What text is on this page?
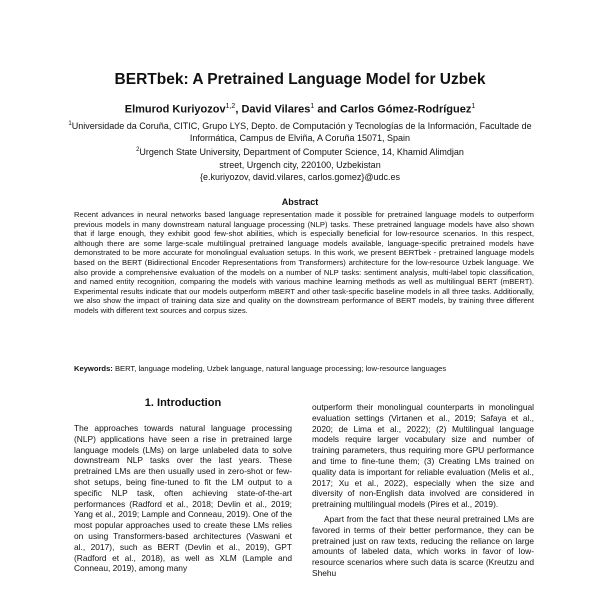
BERTbek: A Pretrained Language Model for Uzbek
Elmurod Kuriyozov$^{1,2}$, David Vilares$^1$ and Carlos Gómez-Rodríguez$^1$
$^1$Universidade da Coruña, CITIC, Grupo LYS, Depto. de Computación y Tecnologías de la Información, Facultade de Informática, Campus de Elviña, A Coruña 15071, Spain
$^2$Urgench State University, Department of Computer Science, 14, Khamid Alimdjan street, Urgench city, 220100, Uzbekistan
{e.kuriyozov, david.vilares, carlos.gomez}@udc.es
Abstract
Recent advances in neural networks based language representation made it possible for pretrained language models to outperform previous models in many downstream natural language processing (NLP) tasks. These pretrained language models have also shown that if large enough, they exhibit good few-shot abilities, which is especially beneficial for low-resource scenarios. In this respect, although there are some large-scale multilingual pretrained language models available, language-specific pretrained models have demonstrated to be more accurate for monolingual evaluation setups. In this work, we present BERTbek - pretrained language models based on the BERT (Bidirectional Encoder Representations from Transformers) architecture for the low-resource Uzbek language. We also provide a comprehensive evaluation of the models on a number of NLP tasks: sentiment analysis, multi-label topic classification, and named entity recognition, comparing the models with various machine learning methods as well as multilingual BERT (mBERT). Experimental results indicate that our models outperform mBERT and other task-specific baseline models in all three tasks. Additionally, we also show the impact of training data size and quality on the downstream performance of BERT models, by training three different models with different text sources and corpus sizes.
Keywords: BERT, language modeling, Uzbek language, natural language processing; low-resource languages
1. Introduction

The approaches towards natural language processing (NLP) applications have seen a rise in pretrained large language models (LMs) on large unlabeled data to solve downstream NLP tasks over the last years. These pretrained LMs are then usually used in zero-shot or few-shot setups, being fine-tuned to fit the LM output to a specific NLP task, often achieving state-of-the-art performances (Radford et al., 2018; Devlin et al., 2019; Yang et al., 2019; Lample and Conneau, 2019). One of the most popular approaches used to create these LMs relies on using Transformers-based architectures (Vaswani et al., 2017), such as BERT (Devlin et al., 2019), GPT (Radford et al., 2018), as well as XLM (Lample and Conneau, 2019), among many

outperform their monolingual counterparts in monolingual evaluation settings (Virtanen et al., 2019; Safaya et al., 2020; de Lima et al., 2022); (2) Multilingual language models require larger vocabulary size and number of training parameters, thus requiring more GPU performance and time to fine-tune them; (3) Creating LMs trained on quality data is important for reliable evaluation (Melis et al., 2017; Xu et al., 2022), especially when the size and diversity of non-English data involved are considered in pretraining multilingual models (Pires et al., 2019).

Apart from the fact that these neural pretrained LMs are favored in terms of their better performance, they can be pretrained just on raw texts, reducing the reliance on large amounts of labeled data, which works in favor of low-resource scenarios where such data is scarce (Kreutzu and Shehu
